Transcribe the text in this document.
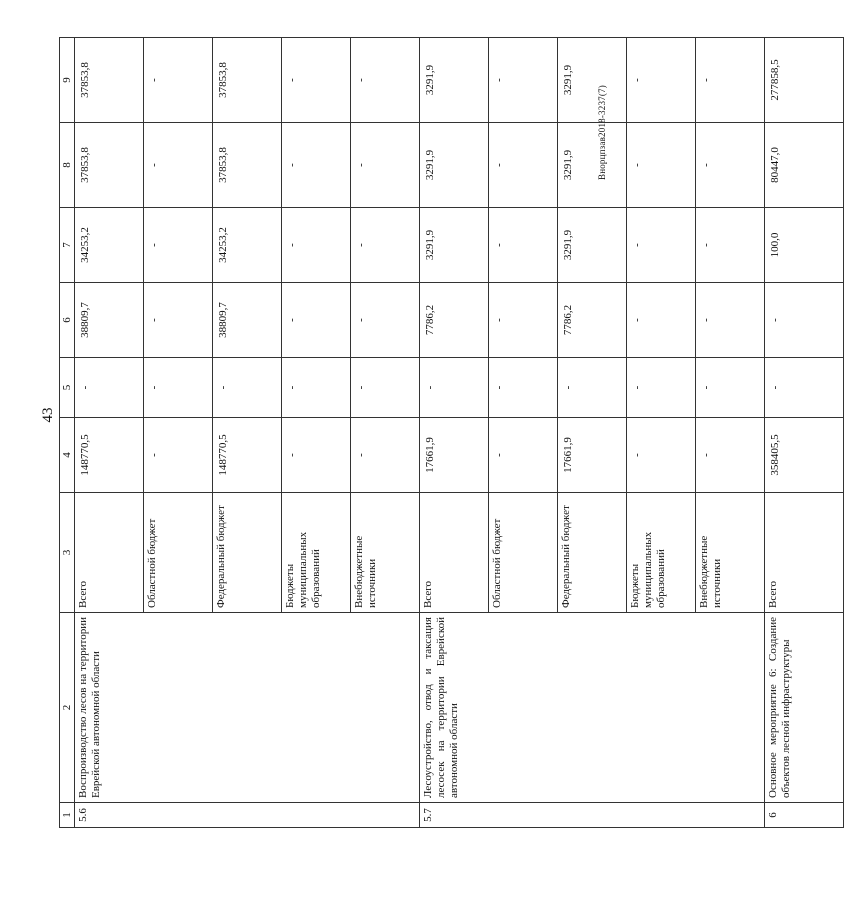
43
Внорцпзав2018-3237(7)
1	2	3	4	5	6	7	8	9
5.6	Воспроизводство лесов на территории Еврейской автономной области	Всего	148770,5	-	38809,7	34253,2	37853,8	37853,8
		Областной бюджет	-	-	-	-	-	-
		Федеральный бюджет	148770,5	-	38809,7	34253,2	37853,8	37853,8
		Бюджеты муниципальных образований	-	-	-	-	-	-
		Внебюджетные источники	-	-	-	-	-	-
5.7	Лесоустройство, отвод и таксация лесосек на территории Еврейской автономной области	Всего	17661,9	-	7786,2	3291,9	3291,9	3291,9
		Областной бюджет	-	-	-	-	-	-
		Федеральный бюджет	17661,9	-	7786,2	3291,9	3291,9	3291,9
		Бюджеты муниципальных образований	-	-	-	-	-	-
		Внебюджетные источники	-	-	-	-	-	-
6	Основное мероприятие 6: Создание объектов лесной инфраструктуры	Всего	358405,5	-	-	100,0	80447,0	277858,5
